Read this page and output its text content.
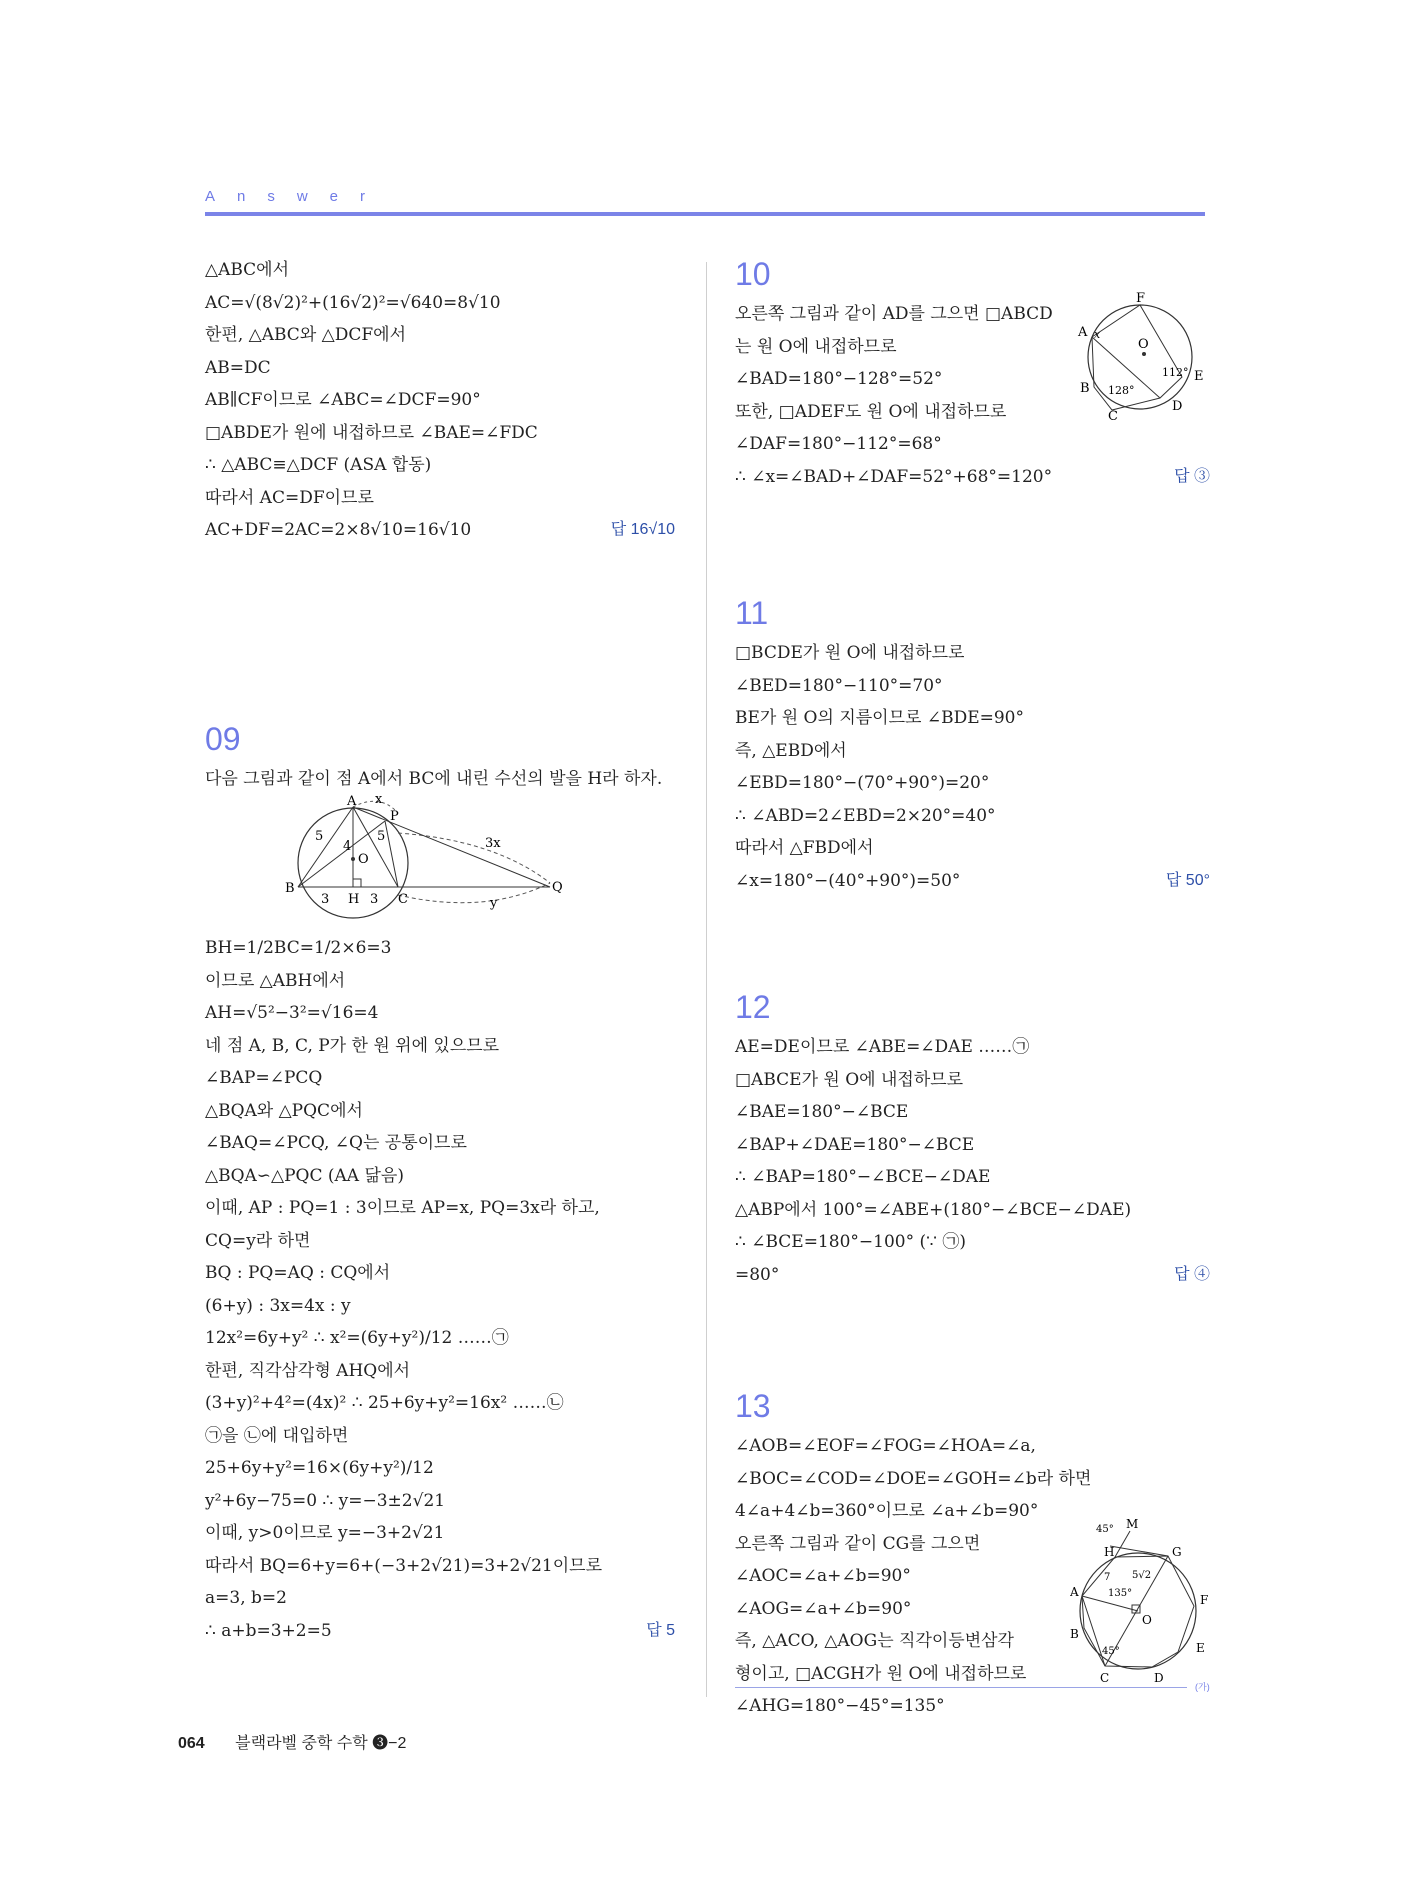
Answer
△ABC에서
AC=√(8√2)²+(16√2)²=√640=8√10
한편, △ABC와 △DCF에서
AB=DC
AB∥CF이므로 ∠ABC=∠DCF=90°
□ABDE가 원에 내접하므로 ∠BAE=∠FDC
∴ △ABC≡△DCF (ASA 합동)
따라서 AC=DF이므로
AC+DF=2AC=2×8√10=16√10	답 16√10
09
다음 그림과 같이 점 A에서 BC에 내린 수선의 발을 H라 하자.
A
B
C
H
O
P
Q
5	5
4
3	3
x
3x
y
BH=1/2BC=1/2×6=3
이므로 △ABH에서
AH=√5²−3²=√16=4
네 점 A, B, C, P가 한 원 위에 있으므로
∠BAP=∠PCQ
△BQA와 △PQC에서
∠BAQ=∠PCQ, ∠Q는 공통이므로
△BQA∽△PQC (AA 닮음)
이때, AP : PQ=1 : 3이므로 AP=x, PQ=3x라 하고,
CQ=y라 하면
BQ : PQ=AQ : CQ에서
(6+y) : 3x=4x : y
12x²=6y+y² ∴ x²=(6y+y²)/12 ……㉠
한편, 직각삼각형 AHQ에서
(3+y)²+4²=(4x)² ∴ 25+6y+y²=16x² ……㉡
㉠을 ㉡에 대입하면
25+6y+y²=16×(6y+y²)/12
y²+6y−75=0 ∴ y=−3±2√21
이때, y>0이므로 y=−3+2√21
따라서 BQ=6+y=6+(−3+2√21)=3+2√21이므로
a=3, b=2
∴ a+b=3+2=5	답 5
10
F
A
O
E
B
D
C
x
112°
128°
오른쪽 그림과 같이 AD를 그으면 □ABCD
는 원 O에 내접하므로
∠BAD=180°−128°=52°
또한, □ADEF도 원 O에 내접하므로
∠DAF=180°−112°=68°
∴ ∠x=∠BAD+∠DAF=52°+68°=120°	답 ③
11
□BCDE가 원 O에 내접하므로
∠BED=180°−110°=70°
BE가 원 O의 지름이므로 ∠BDE=90°
즉, △EBD에서
∠EBD=180°−(70°+90°)=20°
∴ ∠ABD=2∠EBD=2×20°=40°
따라서 △FBD에서
∠x=180°−(40°+90°)=50°	답 50°
12
AE=DE이므로 ∠ABE=∠DAE ……㉠
□ABCE가 원 O에 내접하므로
∠BAE=180°−∠BCE
∠BAP+∠DAE=180°−∠BCE
∴ ∠BAP=180°−∠BCE−∠DAE
△ABP에서 100°=∠ABE+(180°−∠BCE−∠DAE)
∴ ∠BCE=180°−100° (∵ ㉠)
=80°	답 ④
13
M
45°
H	G
A
F
O
B
E
C	D
135°
7 5√2
45°
∠AOB=∠EOF=∠FOG=∠HOA=∠a,
∠BOC=∠COD=∠DOE=∠GOH=∠b라 하면
4∠a+4∠b=360°이므로 ∠a+∠b=90°
오른쪽 그림과 같이 CG를 그으면
∠AOC=∠a+∠b=90°
∠AOG=∠a+∠b=90°
즉, △ACO, △AOG는 직각이등변삼각
형이고, □ACGH가 원 O에 내접하므로
∠AHG=180°−45°=135°
(가)
064 블랙라벨 중학 수학 ❸−2
